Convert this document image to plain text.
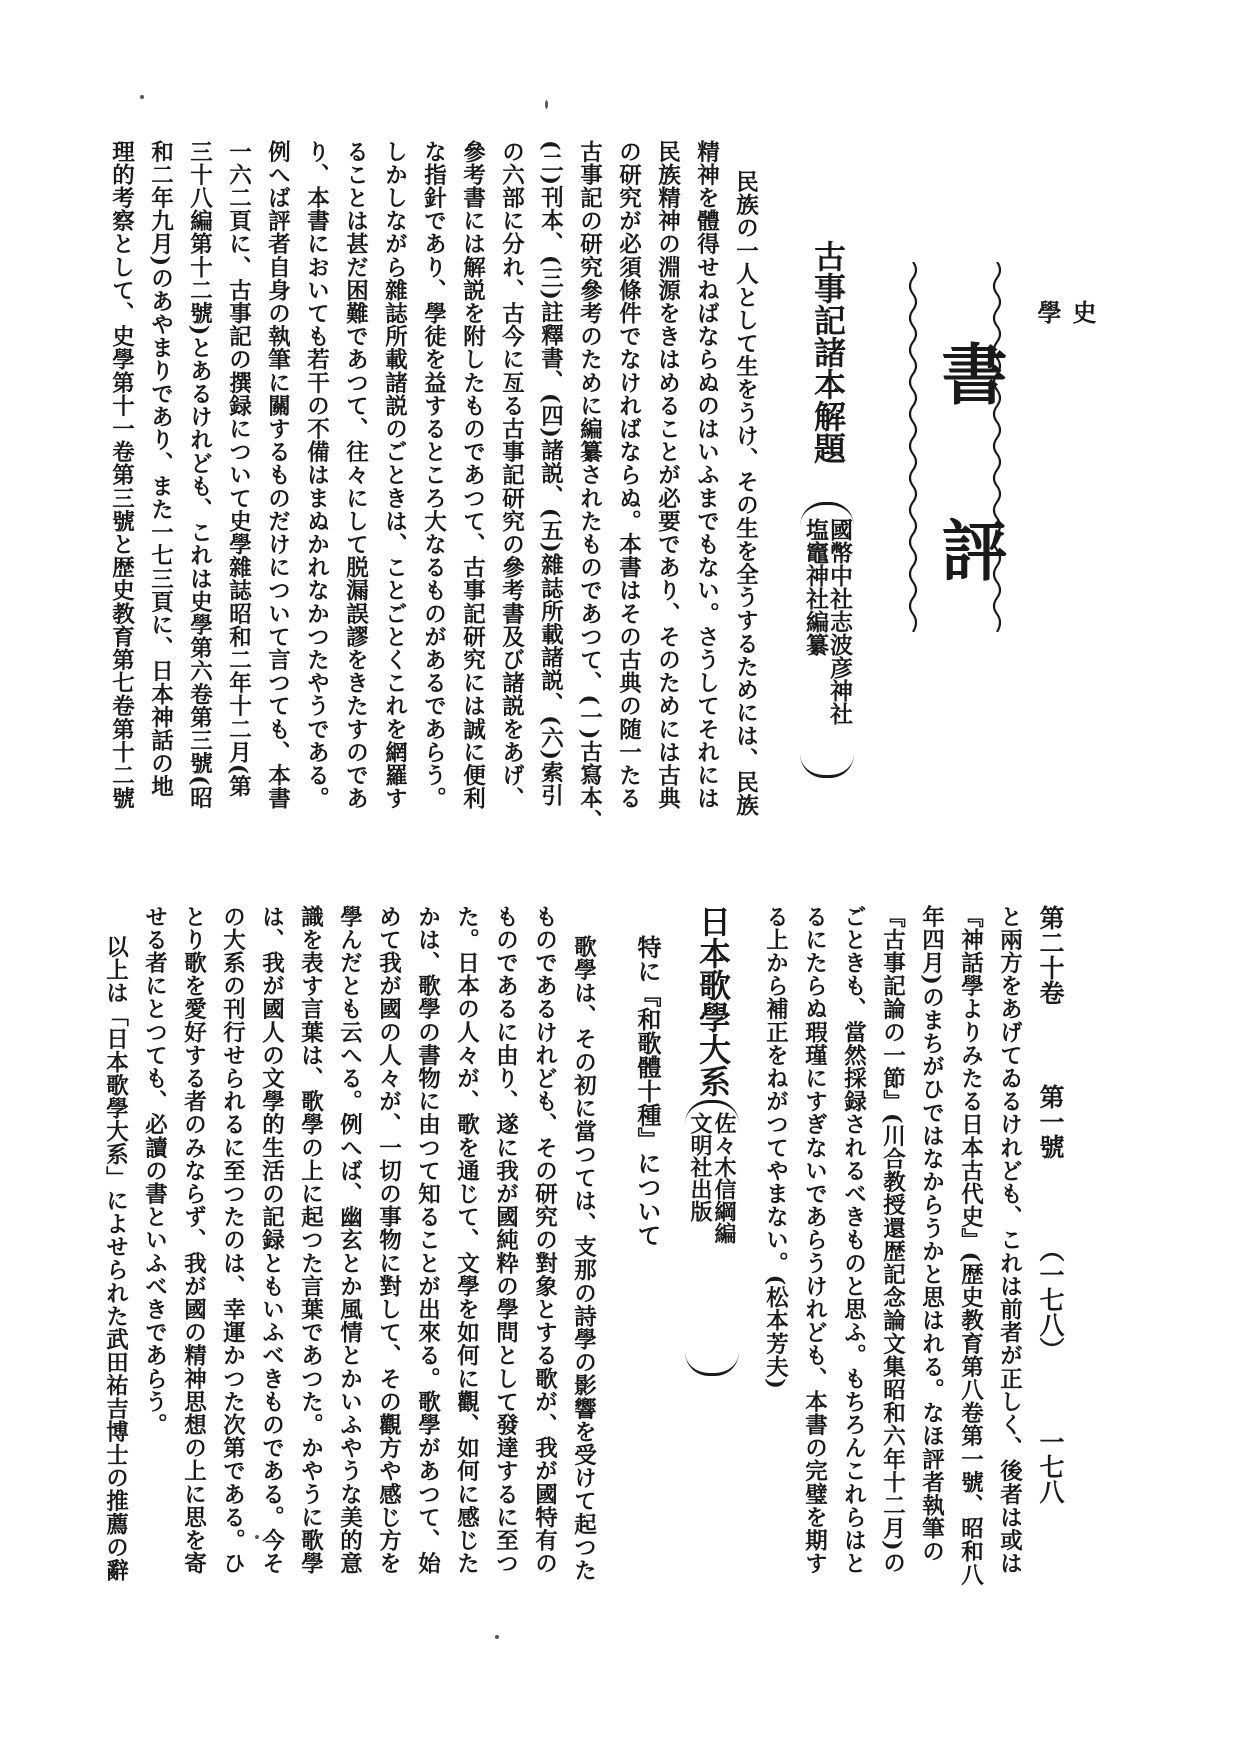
史
學
書評
古事記諸本解題
國幣中社志波彦神社
塩竈神社編纂
民族の一人として生をうけ、その生を全うするためには、民族
精神を體得せねばならぬのはいふまでもない。さうしてそれには
民族精神の淵源をきはめることが必要であり、そのためには古典
の研究が必須條件でなければならぬ。本書はその古典の随一たる
古事記の研究參考のために編纂されたものであつて、(一)古寫本、
(二)刊本、(三)註釋書、(四)諸説、(五)雜誌所載諸説、(六)索引
の六部に分れ、古今に亙る古事記研究の參考書及び諸説をあげ、
參考書には解説を附したものであつて、古事記研究には誠に便利
な指針であり、學徒を益するところ大なるものがあるであらう。
しかしながら雜誌所載諸説のごときは、ことごとくこれを網羅す
ることは甚だ困難であつて、往々にして脱漏誤謬をきたすのであ
り、本書においても若干の不備はまぬかれなかつたやうである。
例へば評者自身の執筆に關するものだけについて言つても、本書
一六二頁に、古事記の撰録について史學雜誌昭和二年十二月(第
三十八編第十二號)とあるけれども、これは史學第六卷第三號(昭
和二年九月)のあやまりであり、また一七三頁に、日本神話の地
理的考察として、史學第十一卷第三號と歴史教育第七卷第十二號
第二十卷 第一號 （一七八） 一七八
と兩方をあげてゐるけれども、これは前者が正しく、後者は或は
『神話學よりみたる日本古代史』(歴史教育第八卷第一號、昭和八
年四月)のまちがひではなからうかと思はれる。なほ評者執筆の
『古事記論の一節』(川合教授還歴記念論文集昭和六年十二月)の
ごときも、當然採録されるべきものと思ふ。もちろんこれらはと
るにたらぬ瑕瑾にすぎないであらうけれども、本書の完璧を期す
る上から補正をねがつてやまない。(松本芳夫)
日本歌學大系
佐々木信綱編
文明社出版
特に『和歌體十種』について
歌學は、その初に當つては、支那の詩學の影響を受けて起つた
ものであるけれども、その研究の對象とする歌が、我が國特有の
ものであるに由り、遂に我が國純粋の學問として發達するに至つ
た。日本の人々が、歌を通じて、文學を如何に觀、如何に感じた
かは、歌學の書物に由つて知ることが出來る。歌學があつて、始
めて我が國の人々が、一切の事物に對して、その觀方や感じ方を
學んだとも云へる。例へば、幽玄とか風情とかいふやうな美的意
識を表す言葉は、歌學の上に起つた言葉であつた。かやうに歌學
は、我が國人の文學的生活の記録ともいふべきものである。今そ
の大系の刊行せられるに至つたのは、幸運かつた次第である。ひ
とり歌を愛好する者のみならず、我が國の精神思想の上に思を寄
せる者にとつても、必讀の書といふべきであらう。
以上は「日本歌學大系」によせられた武田祐吉博士の推薦の辭
